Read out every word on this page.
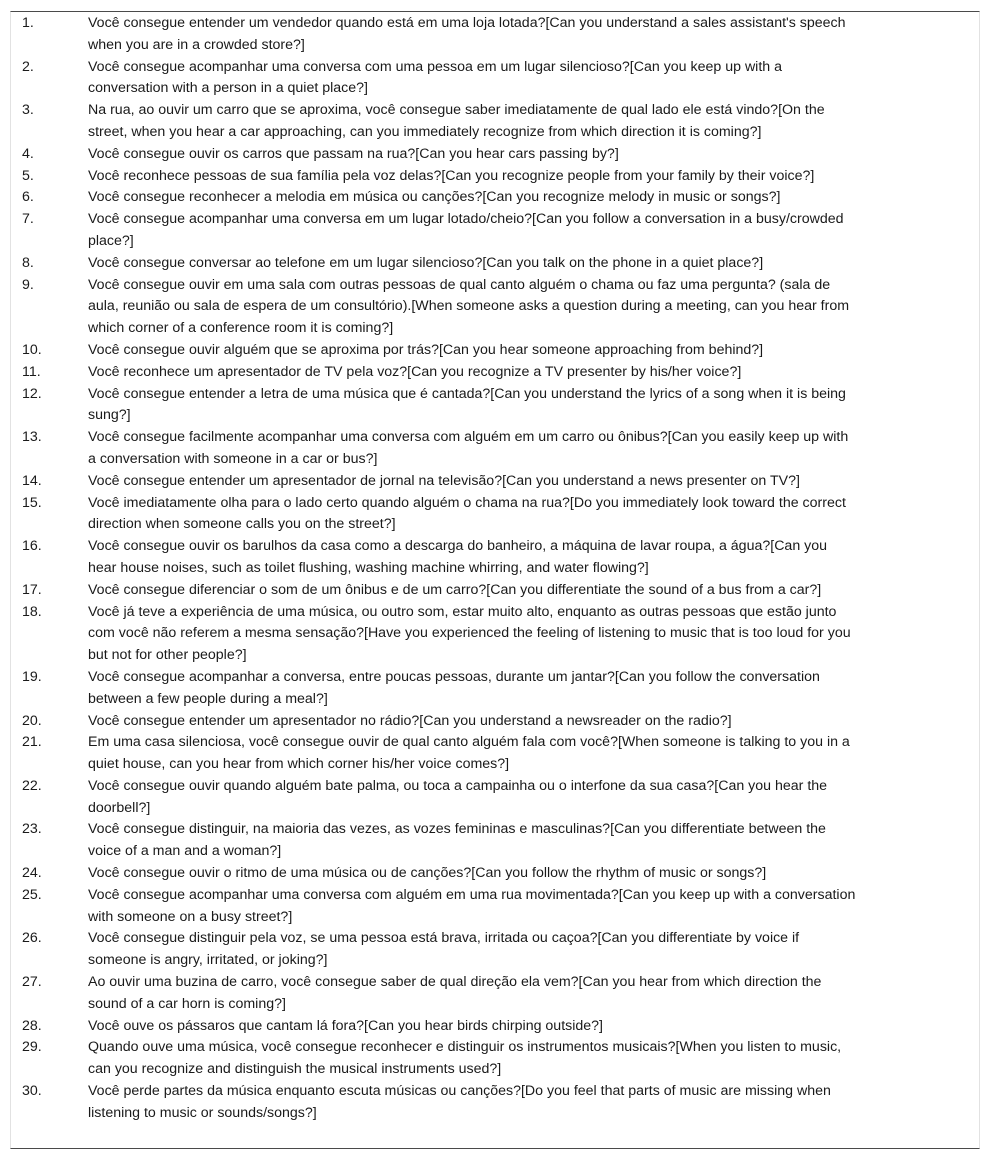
1.	Você consegue entender um vendedor quando está em uma loja lotada?[Can you understand a sales assistant's speech
when you are in a crowded store?]
2.	Você consegue acompanhar uma conversa com uma pessoa em um lugar silencioso?[Can you keep up with a
conversation with a person in a quiet place?]
3.	Na rua, ao ouvir um carro que se aproxima, você consegue saber imediatamente de qual lado ele está vindo?[On the
street, when you hear a car approaching, can you immediately recognize from which direction it is coming?]
4.	Você consegue ouvir os carros que passam na rua?[Can you hear cars passing by?]
5.	Você reconhece pessoas de sua família pela voz delas?[Can you recognize people from your family by their voice?]
6.	Você consegue reconhecer a melodia em música ou canções?[Can you recognize melody in music or songs?]
7.	Você consegue acompanhar uma conversa em um lugar lotado/cheio?[Can you follow a conversation in a busy/crowded
place?]
8.	Você consegue conversar ao telefone em um lugar silencioso?[Can you talk on the phone in a quiet place?]
9.	Você consegue ouvir em uma sala com outras pessoas de qual canto alguém o chama ou faz uma pergunta? (sala de
aula, reunião ou sala de espera de um consultório).[When someone asks a question during a meeting, can you hear from
which corner of a conference room it is coming?]
10.	Você consegue ouvir alguém que se aproxima por trás?[Can you hear someone approaching from behind?]
11.	Você reconhece um apresentador de TV pela voz?[Can you recognize a TV presenter by his/her voice?]
12.	Você consegue entender a letra de uma música que é cantada?[Can you understand the lyrics of a song when it is being
sung?]
13.	Você consegue facilmente acompanhar uma conversa com alguém em um carro ou ônibus?[Can you easily keep up with
a conversation with someone in a car or bus?]
14.	Você consegue entender um apresentador de jornal na televisão?[Can you understand a news presenter on TV?]
15.	Você imediatamente olha para o lado certo quando alguém o chama na rua?[Do you immediately look toward the correct
direction when someone calls you on the street?]
16.	Você consegue ouvir os barulhos da casa como a descarga do banheiro, a máquina de lavar roupa, a água?[Can you
hear house noises, such as toilet flushing, washing machine whirring, and water flowing?]
17.	Você consegue diferenciar o som de um ônibus e de um carro?[Can you differentiate the sound of a bus from a car?]
18.	Você já teve a experiência de uma música, ou outro som, estar muito alto, enquanto as outras pessoas que estão junto
com você não referem a mesma sensação?[Have you experienced the feeling of listening to music that is too loud for you
but not for other people?]
19.	Você consegue acompanhar a conversa, entre poucas pessoas, durante um jantar?[Can you follow the conversation
between a few people during a meal?]
20.	Você consegue entender um apresentador no rádio?[Can you understand a newsreader on the radio?]
21.	Em uma casa silenciosa, você consegue ouvir de qual canto alguém fala com você?[When someone is talking to you in a
quiet house, can you hear from which corner his/her voice comes?]
22.	Você consegue ouvir quando alguém bate palma, ou toca a campainha ou o interfone da sua casa?[Can you hear the
doorbell?]
23.	Você consegue distinguir, na maioria das vezes, as vozes femininas e masculinas?[Can you differentiate between the
voice of a man and a woman?]
24.	Você consegue ouvir o ritmo de uma música ou de canções?[Can you follow the rhythm of music or songs?]
25.	Você consegue acompanhar uma conversa com alguém em uma rua movimentada?[Can you keep up with a conversation
with someone on a busy street?]
26.	Você consegue distinguir pela voz, se uma pessoa está brava, irritada ou caçoa?[Can you differentiate by voice if
someone is angry, irritated, or joking?]
27.	Ao ouvir uma buzina de carro, você consegue saber de qual direção ela vem?[Can you hear from which direction the
sound of a car horn is coming?]
28.	Você ouve os pássaros que cantam lá fora?[Can you hear birds chirping outside?]
29.	Quando ouve uma música, você consegue reconhecer e distinguir os instrumentos musicais?[When you listen to music,
can you recognize and distinguish the musical instruments used?]
30.	Você perde partes da música enquanto escuta músicas ou canções?[Do you feel that parts of music are missing when
listening to music or sounds/songs?]
